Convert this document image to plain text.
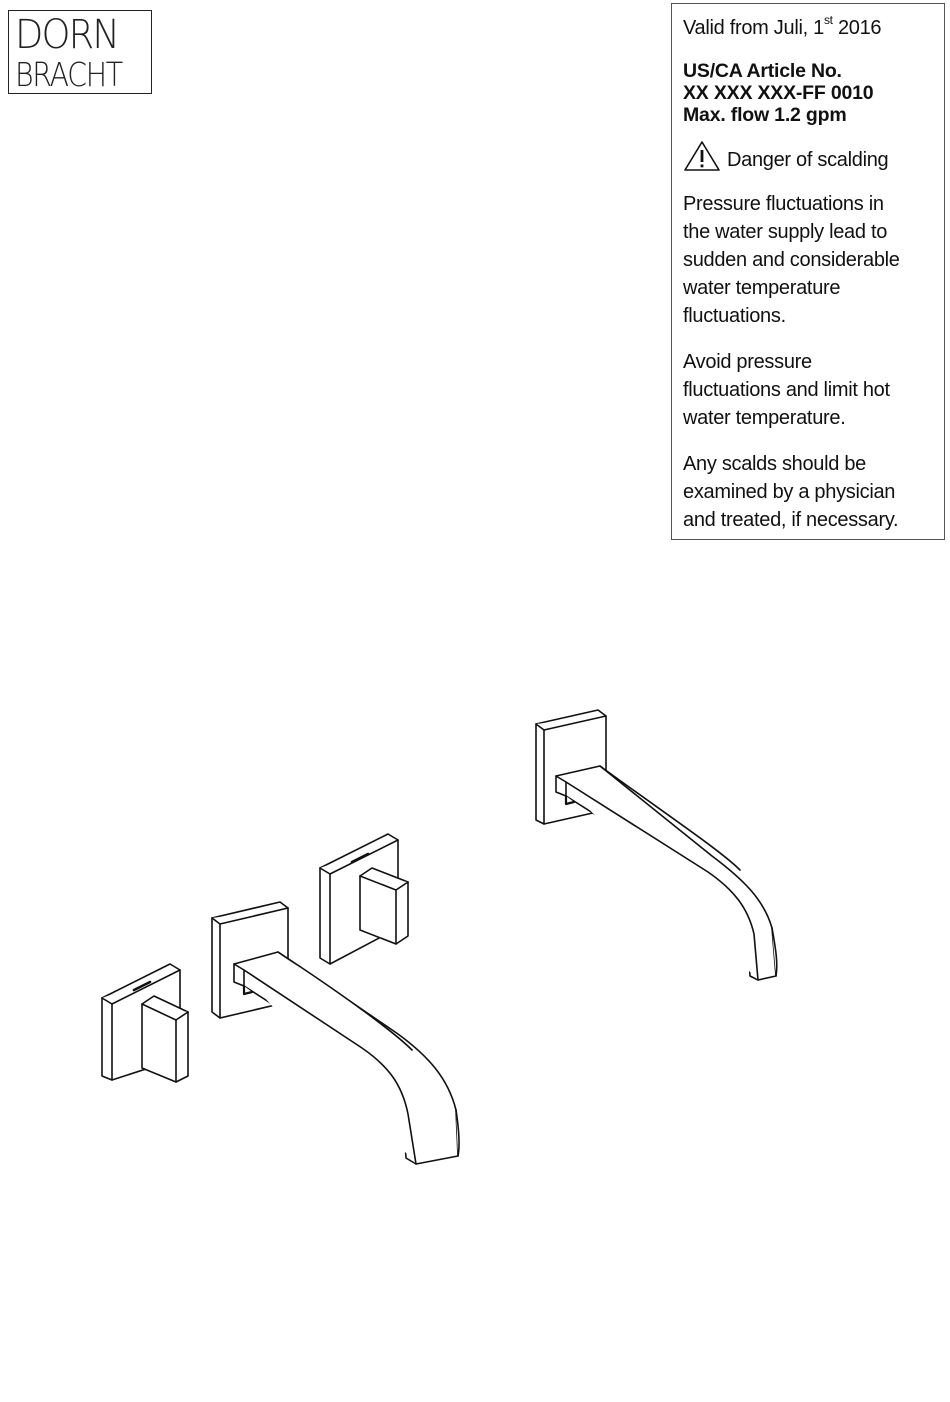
DORN
BRACHT

Valid from Juli, 1st 2016

US/CA Article No.
XX XXX XXX-FF 0010
Max. flow 1.2 gpm
Danger of scalding
Pressure fluctuations in
the water supply lead to
sudden and considerable
water temperature
fluctuations.
Avoid pressure
fluctuations and limit hot
water temperature.
Any scalds should be
examined by a physician
and treated, if necessary.
